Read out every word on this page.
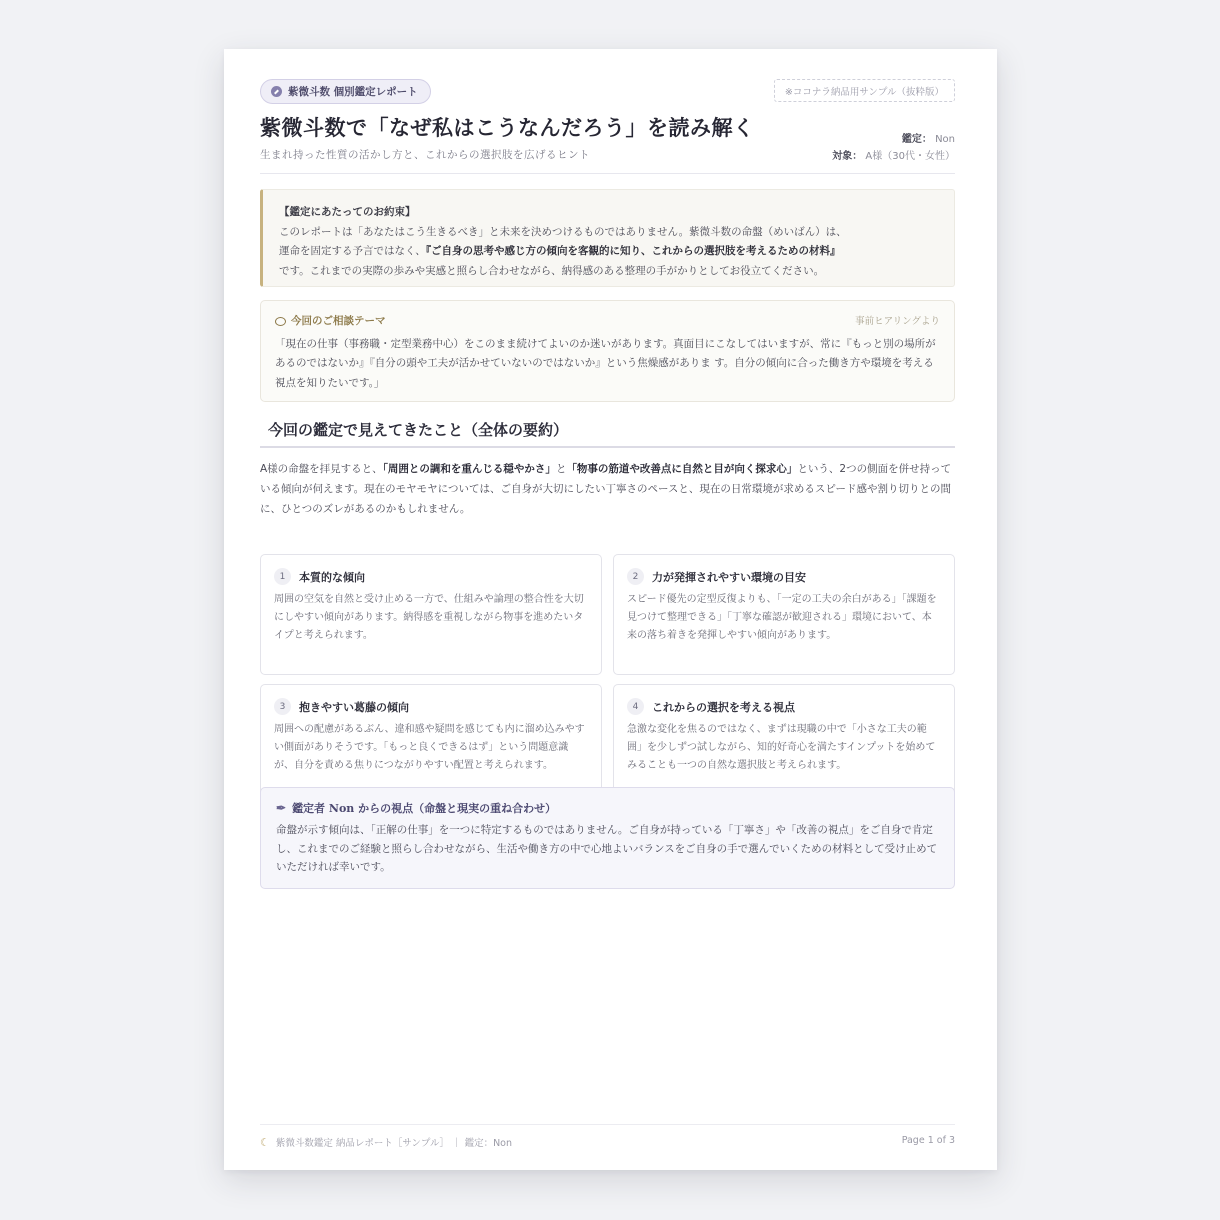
紫微斗数 個別鑑定レポート	※ココナラ納品用サンプル（抜粋版）
紫微斗数で「なぜ私はこうなんだろう」を読み解く
生まれ持った性質の活かし方と、これからの選択肢を広げるヒント
鑑定： Non
対象： A様（30代・女性）
【鑑定にあたってのお約束】
このレポートは「あなたはこう生きるべき」と未来を決めつけるものではありません。紫微斗数の命盤（めいばん）は、
運命を固定する予言ではなく、『ご自身の思考や感じ方の傾向を客観的に知り、これからの選択肢を考えるための材料』
です。これまでの実際の歩みや実感と照らし合わせながら、納得感のある整理の手がかりとしてお役立てください。
今回のご相談テーマ	事前ヒアリングより
「現在の仕事（事務職・定型業務中心）をこのまま続けてよいのか迷いがあります。真面目にこなしてはいますが、常に『もっと別の場所があるのではないか』『自分の頭や工夫が活かせていないのではないか』という焦燥感がありま す。自分の傾向に合った働き方や環境を考える視点を知りたいです。」
今回の鑑定で見えてきたこと（全体の要約）

A様の命盤を拝見すると、「周囲との調和を重んじる穏やかさ」と「物事の筋道や改善点に自然と目が向く探求心」という、2つの側面を併せ持っている傾向が伺えます。現在のモヤモヤについては、ご自身が大切にしたい丁寧さのペースと、現在の日常環境が求めるスピード感や割り切りとの間に、ひとつのズレがあるのかもしれません。

1	本質的な傾向
周囲の空気を自然と受け止める一方で、仕組みや論理の整合性を大切にしやすい傾向があります。納得感を重視しながら物事を進めたいタイプと考えられます。
2	力が発揮されやすい環境の目安
スピード優先の定型反復よりも、「一定の工夫の余白がある」「課題を見つけて整理できる」「丁寧な確認が歓迎される」環境において、本来の落ち着きを発揮しやすい傾向があります。
3	抱きやすい葛藤の傾向
周囲への配慮があるぶん、違和感や疑問を感じても内に溜め込みやすい側面がありそうです。「もっと良くできるはず」という問題意識が、自分を責める焦りにつながりやすい配置と考えられます。
4	これからの選択を考える視点
急激な変化を焦るのではなく、まずは現職の中で「小さな工夫の範囲」を少しずつ試しながら、知的好奇心を満たすインプットを始めてみることも一つの自然な選択肢と考えられます。
✒ 鑑定者 Non からの視点（命盤と現実の重ね合わせ）
命盤が示す傾向は、「正解の仕事」を一つに特定するものではありません。ご自身が持っている「丁寧さ」や「改善の視点」をご自身で肯定し、これまでのご経験と照らし合わせながら、生活や働き方の中で心地よいバランスをご自身の手で選んでいくための材料として受け止めていただければ幸いです。
☾ 紫微斗数鑑定 納品レポート［サンプル］ ｜ 鑑定：Non	Page 1 of 3
